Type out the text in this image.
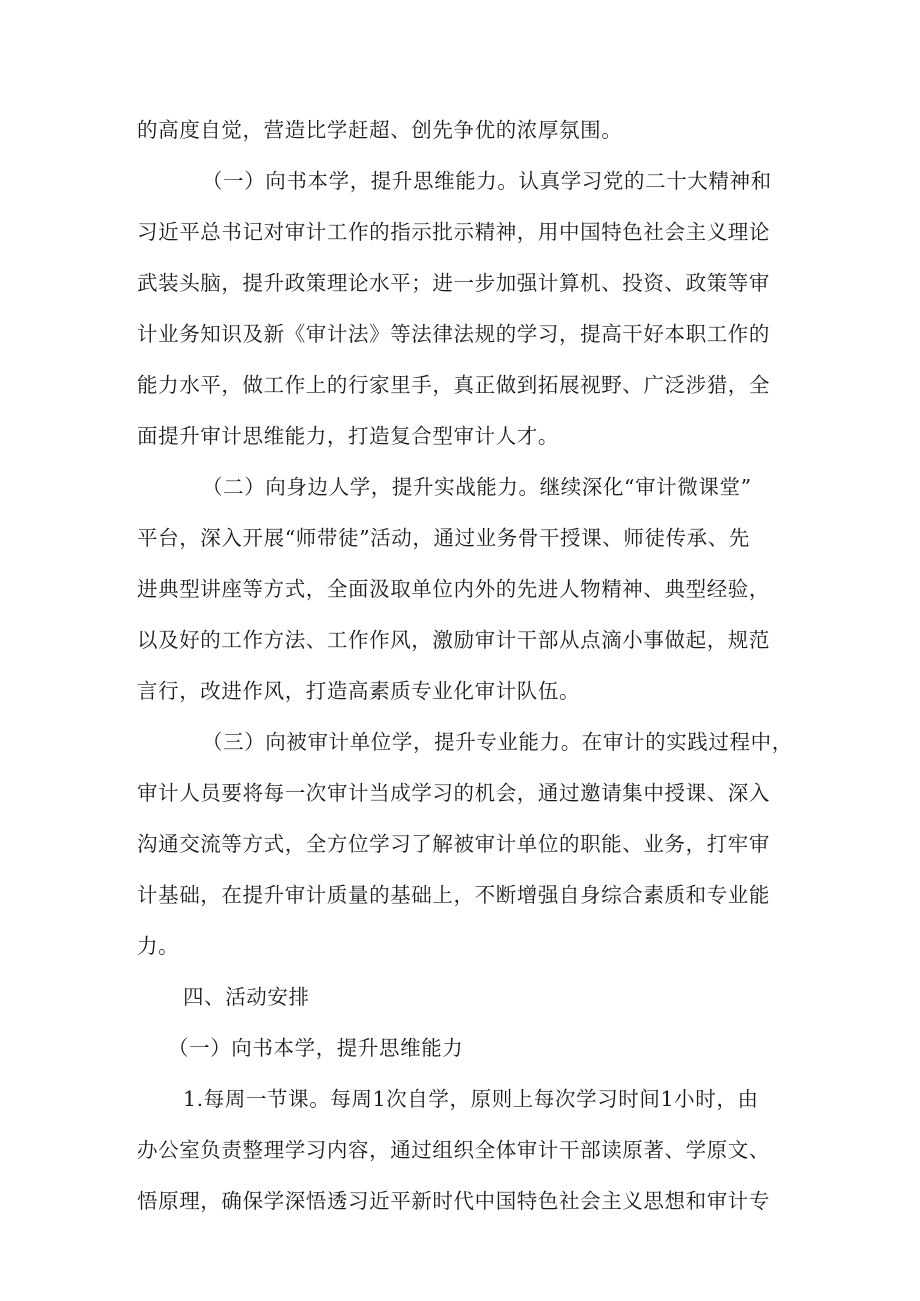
的高度自觉，营造比学赶超、创先争优的浓厚氛围。
（一）向书本学，提升思维能力。认真学习党的二十大精神和
习近平总书记对审计工作的指示批示精神，用中国特色社会主义理论
武装头脑，提升政策理论水平；进一步加强计算机、投资、政策等审
计业务知识及新《审计法》等法律法规的学习，提高干好本职工作的
能力水平，做工作上的行家里手，真正做到拓展视野、广泛涉猎，全
面提升审计思维能力，打造复合型审计人才。
（二）向身边人学，提升实战能力。继续深化“审计微课堂”
平台，深入开展“师带徒”活动，通过业务骨干授课、师徒传承、先
进典型讲座等方式，全面汲取单位内外的先进人物精神、典型经验，
以及好的工作方法、工作作风，激励审计干部从点滴小事做起，规范
言行，改进作风，打造高素质专业化审计队伍。
（三）向被审计单位学，提升专业能力。在审计的实践过程中，
审计人员要将每一次审计当成学习的机会，通过邀请集中授课、深入
沟通交流等方式，全方位学习了解被审计单位的职能、业务，打牢审
计基础，在提升审计质量的基础上，不断增强自身综合素质和专业能
力。
四、活动安排
（一）向书本学，提升思维能力
1.每周一节课。每周1次自学，原则上每次学习时间1小时，由
办公室负责整理学习内容，通过组织全体审计干部读原著、学原文、
悟原理，确保学深悟透习近平新时代中国特色社会主义思想和审计专
